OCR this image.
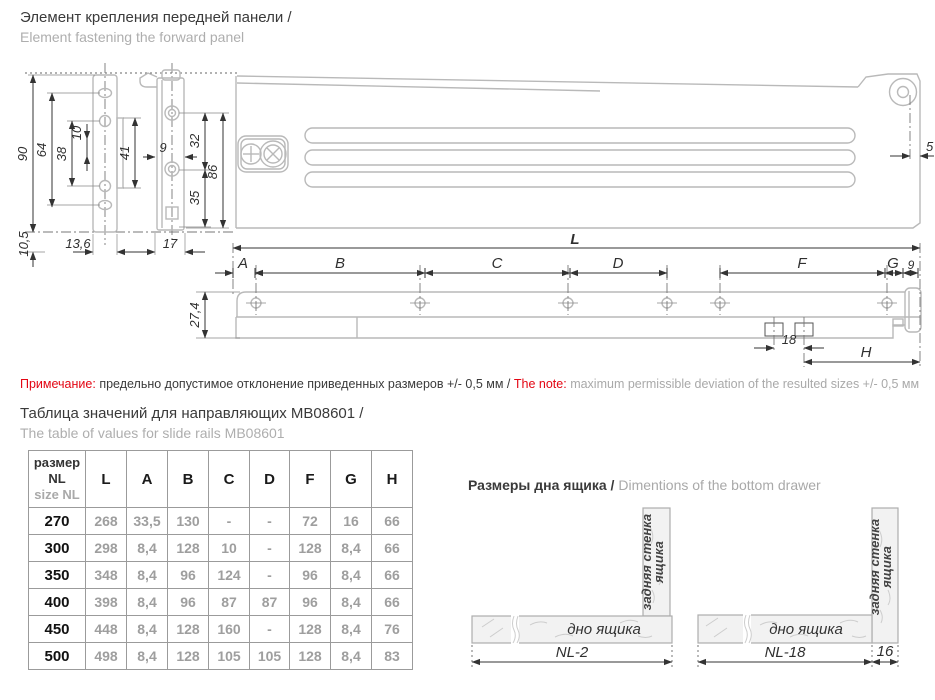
Элемент крепления передней панели /
Element fastening the forward panel
90 64 38
10
41 9 32
35
86
13,6	17
10,5
5
L
A	B	C	D	F	G 9
27,4
18
H
Примечание: предельно допустимое отклонение приведенных размеров +/- 0,5 мм / The note: maximum permissible deviation of the resulted sizes +/- 0,5 мм
Таблица значений для направляющих МВ08601 /
The table of values for slide rails MB08601
размер
NL
size NL	L	A	B	C	D	F	G	H
270	268	33,5	130	-	-	72	16	66
300	298	8,4	128	10	-	128	8,4	66
350	348	8,4	96	124	-	96	8,4	66
400	398	8,4	96	87	87	96	8,4	66
450	448	8,4	128	160	-	128	8,4	76
500	498	8,4	128	105	105	128	8,4	83
Размеры дна ящика / Dimentions of the bottom drawer
задняя стенка
ящика
дно ящика
NL-2
задняя стенка
ящика
дно ящика
NL-18	16
